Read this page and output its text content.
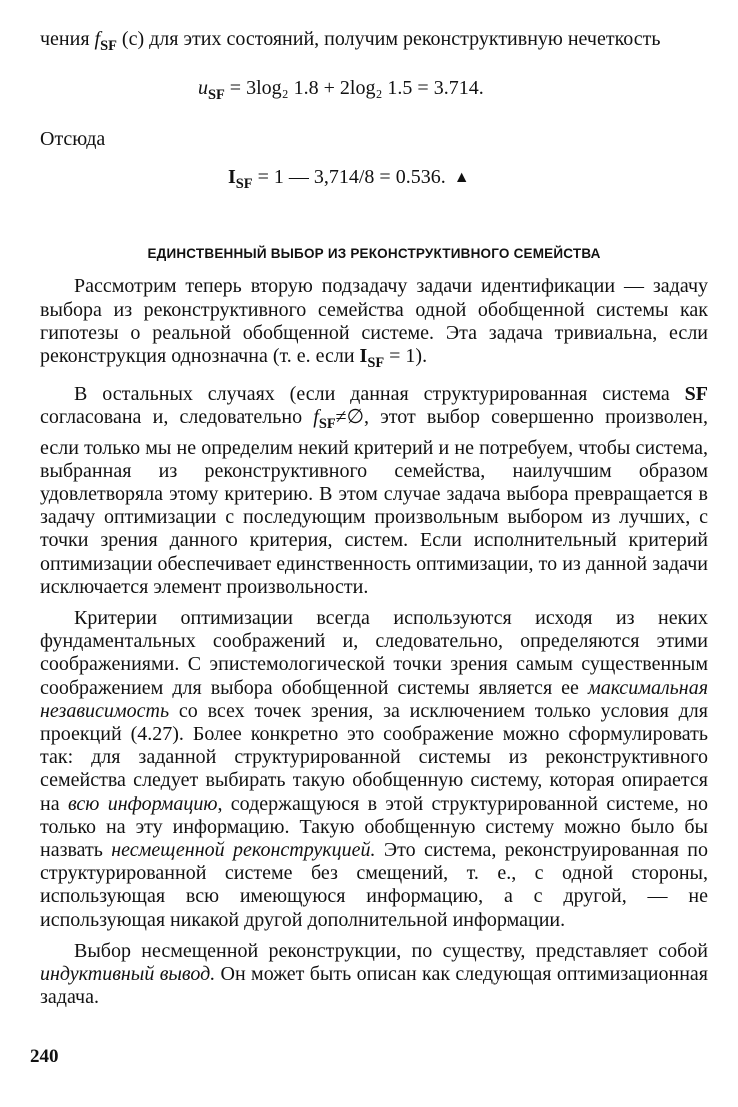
чения $f_{SF}$ (с) для этих состояний, получим реконструктивную нечеткость

$u_{SF} = 3\log_2$ 1.8 + 2log₂ 1.5 = 3.714.
Отсюда
$I_{SF} = 1$ — 3,714/8 = 0.536. ▲
ЕДИНСТВЕННЫЙ ВЫБОР ИЗ РЕКОНСТРУКТИВНОГО СЕМЕЙСТВА

Рассмотрим теперь вторую подзадачу задачи идентификации — задачу выбора из реконструктивного семейства одной обобщенной системы как гипотезы о реальной обобщенной системе. Эта задача тривиальна, если реконструкция однозначна (т. е. если $I_{SF} = 1$).

В остальных случаях (если данная структурированная система SF согласована и, следовательно $f_{SF}\ne\emptyset$, этот выбор совершенно произволен, если только мы не определим некий критерий и не потребуем, чтобы система, выбранная из реконструктивного семейства, наилучшим образом удовлетворяла этому критерию. В этом случае задача выбора превращается в задачу оптимизации с последующим произвольным выбором из лучших, с точки зрения данного критерия, систем. Если исполнительный критерий оптимизации обеспечивает единственность оптимизации, то из данной задачи исключается элемент произвольности.

Критерии оптимизации всегда используются исходя из неких фундаментальных соображений и, следовательно, определяются этими соображениями. С эпистемологической точки зрения самым существенным соображением для выбора обобщенной системы является ее максимальная независимость со всех точек зрения, за исключением только условия для проекций (4.27). Более конкретно это соображение можно сформулировать так: для заданной структурированной системы из реконструктивного семейства следует выбирать такую обобщенную систему, которая опирается на всю информацию, содержащуюся в этой структурированной системе, но только на эту информацию. Такую обобщенную систему можно было бы назвать несмещенной реконструкцией. Это система, реконструированная по структурированной системе без смещений, т. е., с одной стороны, использующая всю имеющуюся информацию, а с другой, — не использующая никакой другой дополнительной информации.

Выбор несмещенной реконструкции, по существу, представляет собой индуктивный вывод. Он может быть описан как следующая оптимизационная задача.

240
